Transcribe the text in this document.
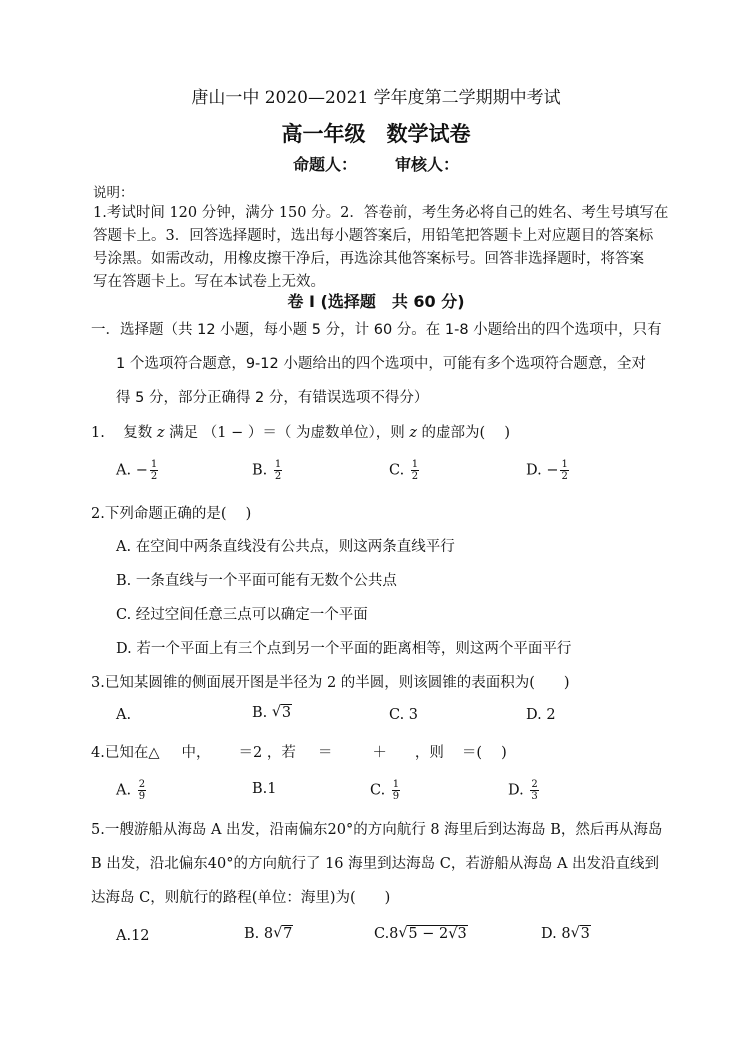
唐山一中 2020—2021 学年度第二学期期中考试
高一年级　数学试卷
命题人： 审核人：
说明：
1.考试时间 120 分钟，满分 150 分。2．答卷前，考生务必将自己的姓名、考生号填写在
答题卡上。3．回答选择题时，选出每小题答案后，用铅笔把答题卡上对应题目的答案标
号涂黑。如需改动，用橡皮擦干净后，再选涂其他答案标号。回答非选择题时，将答案
写在答题卡上。写在本试卷上无效。
卷 I (选择题　共 60 分)
一．选择题（共 12 小题，每小题 5 分，计 60 分。在 1-8 小题给出的四个选项中，只有
1 个选项符合题意，9-12 小题给出的四个选项中，可能有多个选项符合题意，全对
得 5 分，部分正确得 2 分，有错误选项不得分）
1. 复数 z 满足 （1 − ）＝（ 为虚数单位），则 z 的虚部为(　 )
A. − $\frac{1}{2}$	B. $\frac{1}{2}$	C. $\frac{1}{2}$	D. − $\frac{1}{2}$
2.下列命题正确的是(　 )
A. 在空间中两条直线没有公共点，则这两条直线平行
B. 一条直线与一个平面可能有无数个公共点
C. 经过空间任意三点可以确定一个平面
D. 若一个平面上有三个点到另一个平面的距离相等，则这两个平面平行
3.已知某圆锥的侧面展开图是半径为 2 的半圆，则该圆锥的表面积为(　　)
A.	B. √ 3	C. 3	D. 2
4.已知在△ 中， ＝2 ，若 ＝	＋ ，则 ＝(　 )
A. $\frac{2}{9}$	B.1	C. $\frac{1}{9}$	D. $\frac{2}{3}$
5.一艘游船从海岛 A 出发，沿南偏东20°的方向航行 8 海里后到达海岛 B，然后再从海岛
B 出发，沿北偏东40°的方向航行了 16 海里到达海岛 C，若游船从海岛 A 出发沿直线到
达海岛 C，则航行的路程(单位：海里)为(　　)
A.12	B. 8 √ 7	C.8 √ 5 − 2√3	D. 8 √ 3
